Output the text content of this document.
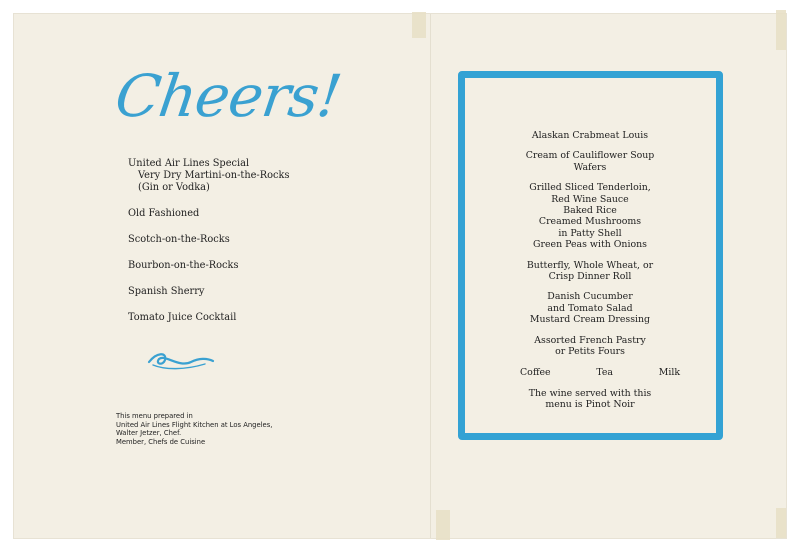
Cheers!
United Air Lines Special
Very Dry Martini-on-the-Rocks
(Gin or Vodka)
Old Fashioned
Scotch-on-the-Rocks
Bourbon-on-the-Rocks
Spanish Sherry
Tomato Juice Cocktail
This menu prepared in
United Air Lines Flight Kitchen at Los Angeles,
Walter Jetzer, Chef.
Member, Chefs de Cuisine
Alaskan Crabmeat Louis
Cream of Cauliflower Soup
Wafers
Grilled Sliced Tenderloin,
Red Wine Sauce
Baked Rice
Creamed Mushrooms
in Patty Shell
Green Peas with Onions
Butterfly, Whole Wheat, or
Crisp Dinner Roll
Danish Cucumber
and Tomato Salad
Mustard Cream Dressing
Assorted French Pastry
or Petits Fours
Coffee	Tea	Milk
The wine served with this
menu is Pinot Noir
